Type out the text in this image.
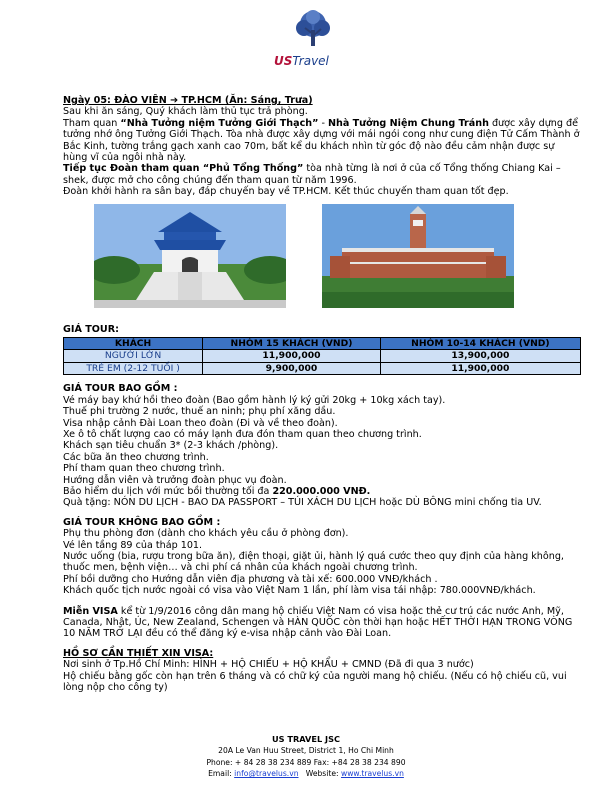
USTravel

Ngày 05: ĐÀO VIÊN ➔ TP.HCM (Ăn: Sáng, Trưa)

Sau khi ăn sáng, Quý khách làm thủ tục trả phòng.

Tham quan “Nhà Tưởng niệm Tưởng Giới Thạch” - Nhà Tưởng Niệm Chung Tránh được xây dựng để tưởng nhớ ông Tưởng Giới Thạch. Tòa nhà được xây dựng với mái ngói cong như cung điện Tử Cấm Thành ở Bắc Kinh, tường trắng gạch xanh cao 70m, bất kể du khách nhìn từ góc độ nào đều cảm nhận được sự hùng vĩ của ngôi nhà này.

Tiếp tục Đoàn tham quan “Phủ Tổng Thống” tòa nhà từng là nơi ở của cố Tổng thống Chiang Kai – shek, được mở cho công chúng đến tham quan từ năm 1996.

Đoàn khởi hành ra sân bay, đáp chuyến bay về TP.HCM. Kết thúc chuyến tham quan tốt đẹp.

GIÁ TOUR:

KHÁCH	NHÓM 15 KHÁCH (VND)	NHÓM 10-14 KHÁCH (VND)
NGƯỜI LỚN	11,900,000	13,900,000
TRẺ EM (2-12 TUỔI )	9,900,000	11,900,000

GIÁ TOUR BAO GỒM :

Vé máy bay khứ hồi theo đoàn (Bao gồm hành lý ký gửi 20kg + 10kg xách tay).

Thuế phi trường 2 nước, thuế an ninh; phụ phí xăng dầu.

Visa nhập cảnh Đài Loan theo đoàn (Đi và về theo đoàn).

Xe ô tô chất lượng cao có máy lạnh đưa đón tham quan theo chương trình.

Khách sạn tiêu chuẩn 3* (2-3 khách /phòng).

Các bữa ăn theo chương trình.

Phí tham quan theo chương trình.

Hướng dẫn viên và trưởng đoàn phục vụ đoàn.

Bảo hiểm du lịch với mức bồi thường tối đa 220.000.000 VNĐ.

Quà tặng: NÓN DU LỊCH - BAO DA PASSPORT – TÚI XÁCH DU LỊCH hoặc DÙ BÔNG mini chống tia UV.

GIÁ TOUR KHÔNG BAO GỒM :

Phụ thu phòng đơn (dành cho khách yêu cầu ở phòng đơn).

Vé lên tầng 89 của tháp 101.

Nước uống (bia, rượu trong bữa ăn), điện thoại, giặt ủi, hành lý quá cước theo quy định của hàng không, thuốc men, bệnh viện… và chi phí cá nhân của khách ngoài chương trình.

Phí bồi dưỡng cho Hướng dẫn viên địa phương và tài xế: 600.000 VNĐ/khách .

Khách quốc tịch nước ngoài có visa vào Việt Nam 1 lần, phí làm visa tái nhập: 780.000VNĐ/khách.

Miễn VISA kể từ 1/9/2016 công dân mang hộ chiếu Việt Nam có visa hoặc thẻ cư trú các nước Anh, Mỹ, Canada, Nhật, Úc, New Zealand, Schengen và HÀN QUỐC còn thời hạn hoặc HẾT THỜI HẠN TRONG VÒNG 10 NĂM TRỞ LẠI đều có thể đăng ký e-visa nhập cảnh vào Đài Loan.

HỒ SƠ CẦN THIẾT XIN VISA:

Nơi sinh ở Tp.Hồ Chí Minh: HÌNH + HỘ CHIẾU + HỘ KHẨU + CMND (Đã đi qua 3 nước)

Hộ chiếu bằng gốc còn hạn trên 6 tháng và có chữ ký của người mang hộ chiếu. (Nếu có hộ chiếu cũ, vui lòng nộp cho công ty)

US TRAVEL JSC
20A Le Van Huu Street, District 1, Ho Chi Minh
Phone: + 84 28 38 234 889 Fax: +84 28 38 234 890
Email: info@travelus.vn   Website: www.travelus.vn
